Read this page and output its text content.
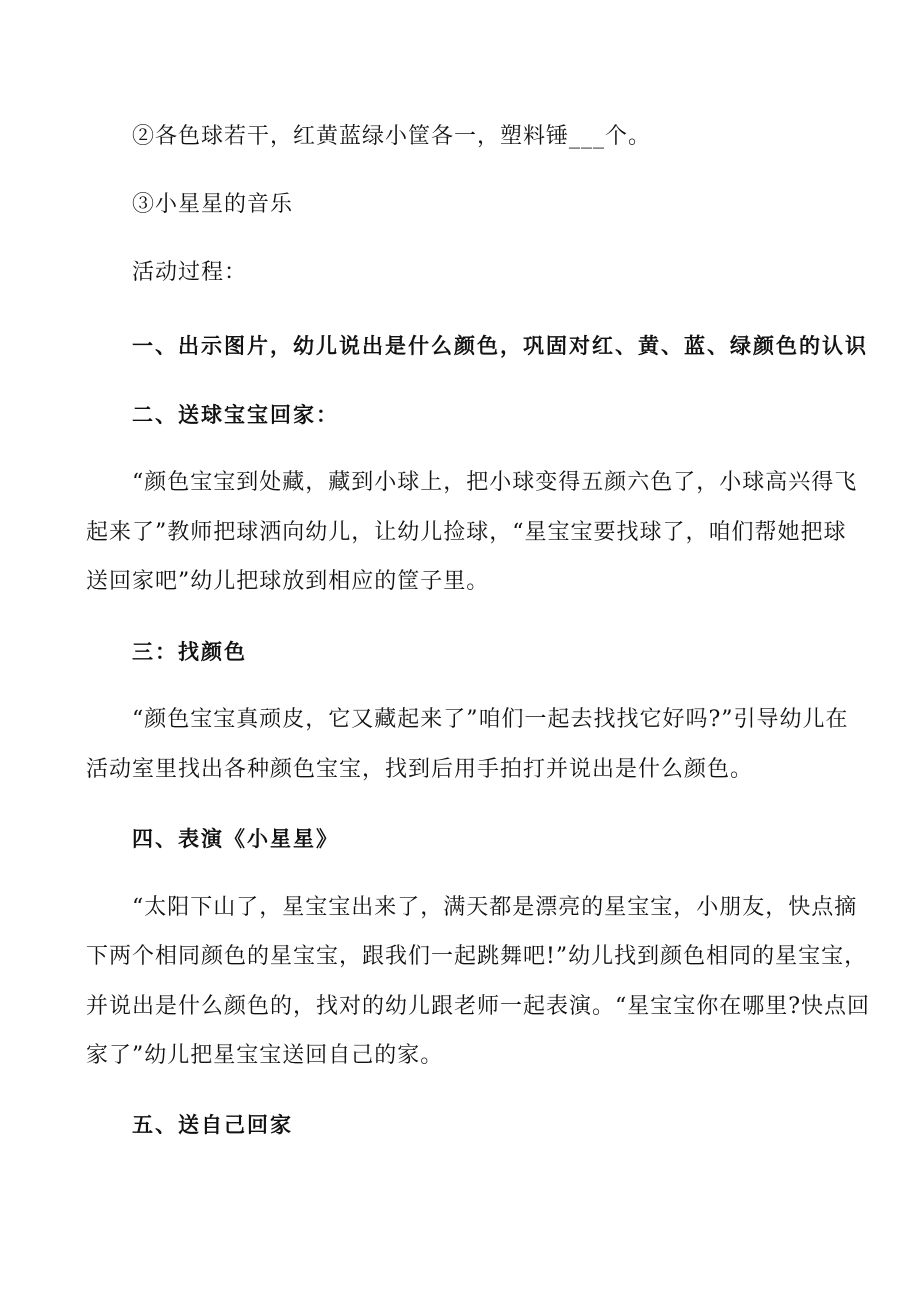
②各色球若干，红黄蓝绿小筐各一，塑料锤___个。
③小星星的音乐
活动过程：
一、出示图片，幼儿说出是什么颜色，巩固对红、黄、蓝、绿颜色的认识
二、送球宝宝回家：
“颜色宝宝到处藏，藏到小球上，把小球变得五颜六色了，小球高兴得飞
起来了”教师把球洒向幼儿，让幼儿捡球，“星宝宝要找球了，咱们帮她把球
送回家吧”幼儿把球放到相应的筐子里。
三：找颜色
“颜色宝宝真顽皮，它又藏起来了”咱们一起去找找它好吗?”引导幼儿在
活动室里找出各种颜色宝宝，找到后用手拍打并说出是什么颜色。
四、表演《小星星》
“太阳下山了，星宝宝出来了，满天都是漂亮的星宝宝，小朋友，快点摘
下两个相同颜色的星宝宝，跟我们一起跳舞吧!”幼儿找到颜色相同的星宝宝，
并说出是什么颜色的，找对的幼儿跟老师一起表演。“星宝宝你在哪里?快点回
家了”幼儿把星宝宝送回自己的家。
五、送自己回家
